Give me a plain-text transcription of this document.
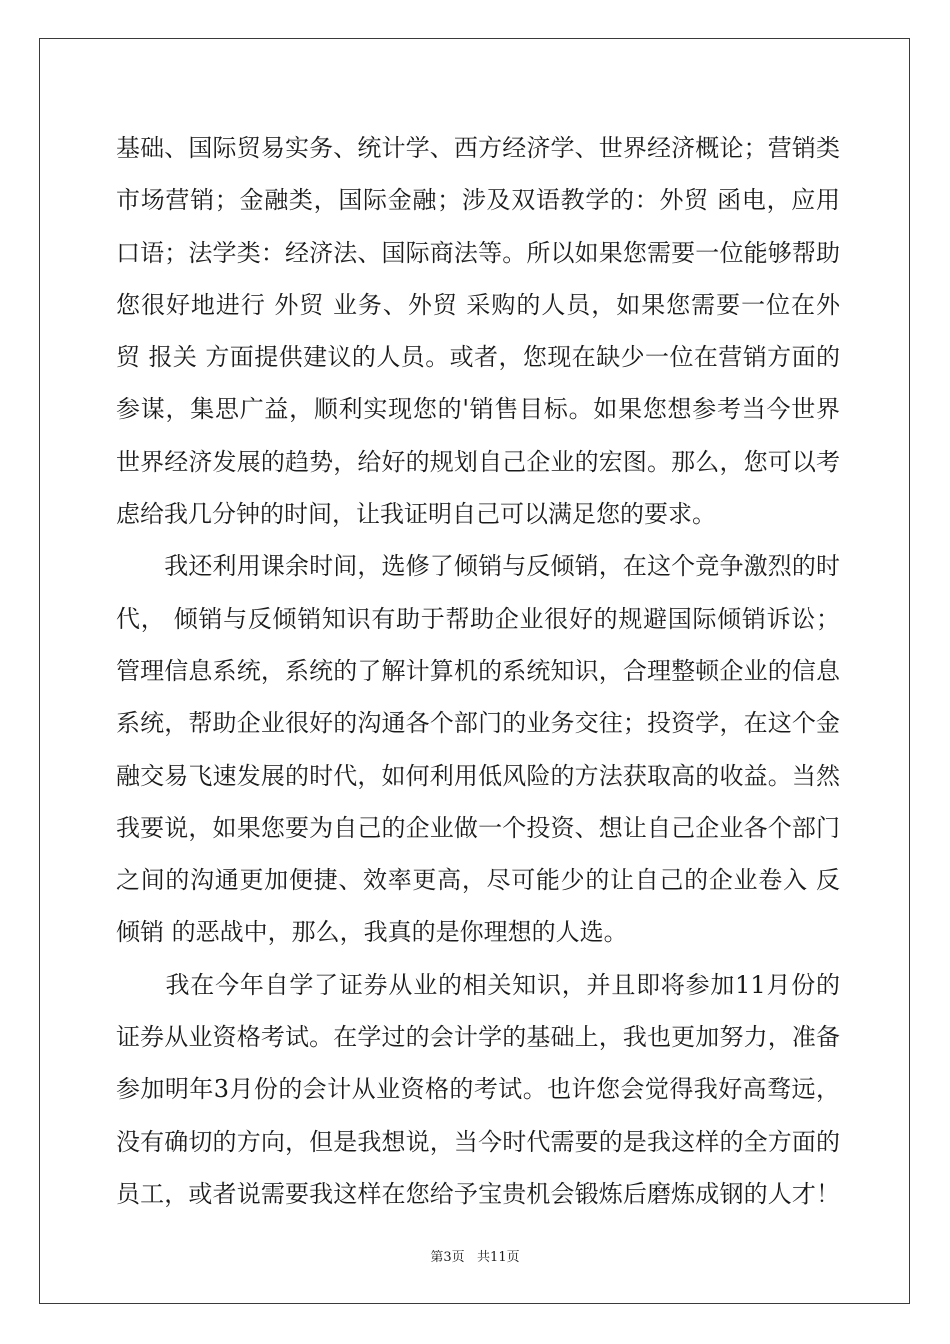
基础、国际贸易实务、统计学、西方经济学、世界经济概论；营销类
市场营销；金融类，国际金融；涉及双语教学的：外贸 函电，应用
口语；法学类：经济法、国际商法等。所以如果您需要一位能够帮助
您很好地进行 外贸 业务、外贸 采购的人员，如果您需要一位在外
贸 报关 方面提供建议的人员。或者，您现在缺少一位在营销方面的
参谋，集思广益，顺利实现您的'销售目标。如果您想参考当今世界
世界经济发展的趋势，给好的规划自己企业的宏图。那么，您可以考
虑给我几分钟的时间，让我证明自己可以满足您的要求。
　　我还利用课余时间，选修了倾销与反倾销，在这个竞争激烈的时
代， 倾销与反倾销知识有助于帮助企业很好的规避国际倾销诉讼；
管理信息系统，系统的了解计算机的系统知识，合理整顿企业的信息
系统，帮助企业很好的沟通各个部门的业务交往；投资学，在这个金
融交易飞速发展的时代，如何利用低风险的方法获取高的收益。当然
我要说，如果您要为自己的企业做一个投资、想让自己企业各个部门
之间的沟通更加便捷、效率更高，尽可能少的让自己的企业卷入 反
倾销 的恶战中，那么，我真的是你理想的人选。
　　我在今年自学了证券从业的相关知识，并且即将参加11月份的
证券从业资格考试。在学过的会计学的基础上，我也更加努力，准备
参加明年3月份的会计从业资格的考试。也许您会觉得我好高骛远，
没有确切的方向，但是我想说，当今时代需要的是我这样的全方面的
员工，或者说需要我这样在您给予宝贵机会锻炼后磨炼成钢的人才！
第3页   共11页
